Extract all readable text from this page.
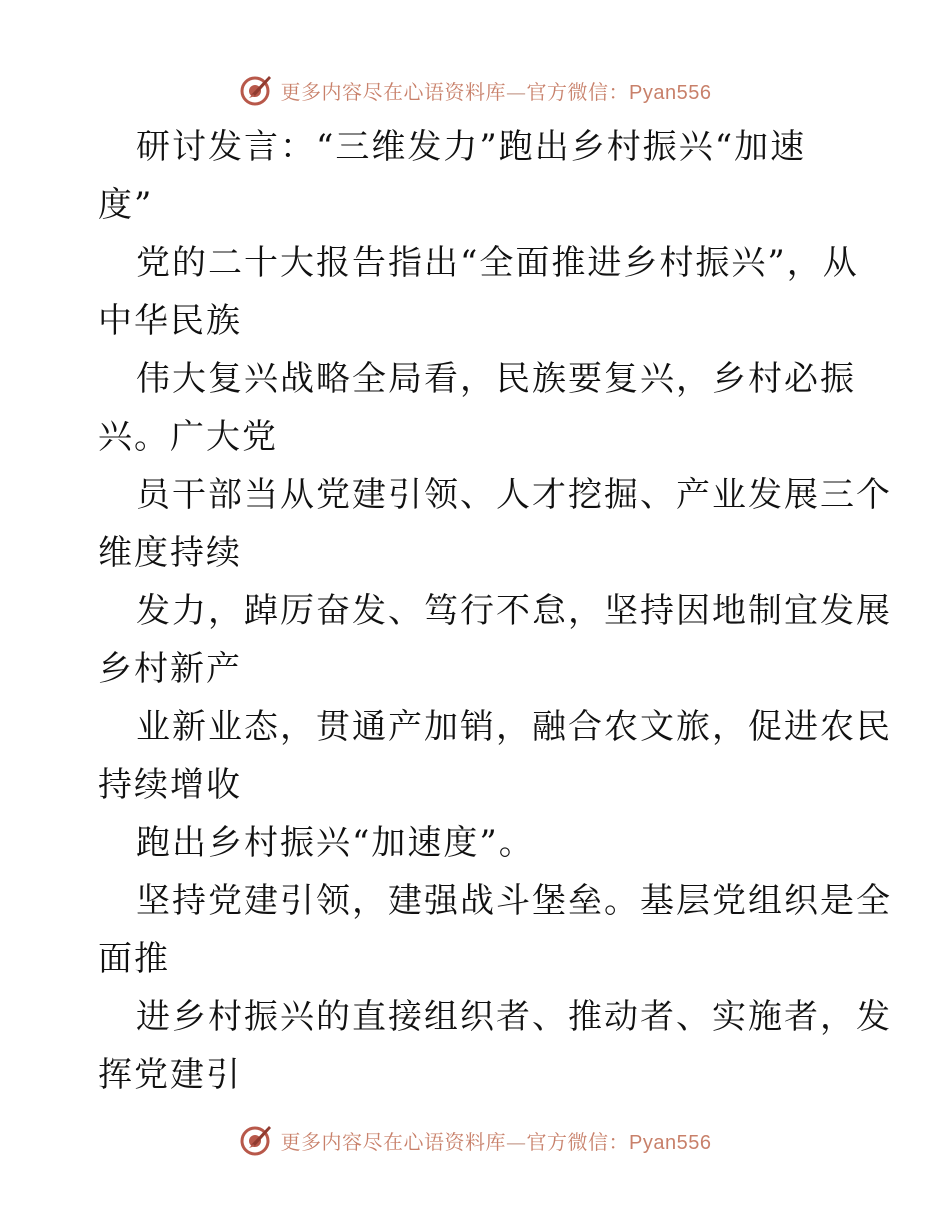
更多内容尽在心语资料库—官方微信：Pyan556

研讨发言：“三维发力”跑出乡村振兴“加速
度”

党的二十大报告指出“全面推进乡村振兴”，从
中华民族

伟大复兴战略全局看，民族要复兴，乡村必振
兴。广大党

员干部当从党建引领、人才挖掘、产业发展三个
维度持续

发力，踔厉奋发、笃行不怠，坚持因地制宜发展
乡村新产

业新业态，贯通产加销，融合农文旅，促进农民
持续增收

跑出乡村振兴“加速度”。

坚持党建引领，建强战斗堡垒。基层党组织是全
面推

进乡村振兴的直接组织者、推动者、实施者，发
挥党建引

更多内容尽在心语资料库—官方微信：Pyan556
